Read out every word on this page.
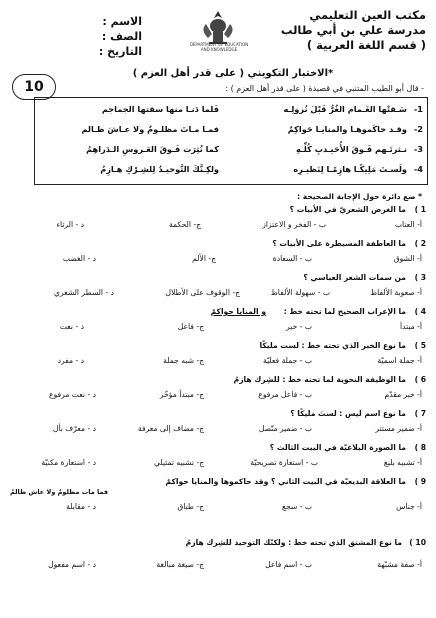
مكتب العين التعليمي
مدرسة علي بن أبي طالب
( قسم اللغة العربية )
DEPARTMENT OF EDUCATION AND KNOWLEDGE
الاسم :
الصف :
التاريخ :
10
*الاختبار التكويني ( على قدر أهل العزم )
- قال أبو الطيب المتنبي في قصيدة ( على قدر أهل العزم ) :
1-
سَـقتْها الغَـمام الغُرُّ قَبْلَ نُزولِـه
فَلما دَنـا منها سقتها الجماجم
2-
وقـد حاكَموهـا والمنايـا حَواكِمٌ
فمـا مـاتَ مظلـومٌ ولا عـاشَ ظـالم
3-
نـثرتَـهم فَـوقَ الأُحَيـدبِ كُلِّـهِ
كما نُثِرَت فَـوقَ العَـروسِ الـدَراهِمُ
4-
ولَسـتَ مَلِيكًـا هازِمًـا لِنَظيـرِه
ولكِـنَّكَ التَّوحيـدُ لِلشِـرْكِ هـازِمُ
* ضع دائرة حول الإجابة الصحيحة :
1 )
ما الغرض الشعريّ في الأبيات ؟
أ- العتاب
ب - الفخر و الاعتزاز
ج- الحكمة
د - الرثاء
2 )
ما العاطفة المسيطرة على الأبيات ؟
أ- الشوق
ب - السعادة
ج- الألم
د - الغضب
3 )
من سمات الشعر العباسي ؟
أ- صعوبة الألفاظ
ب - سهولة الألفاظ
ج- الوقوف على الأطلال
د - السطر الشعري
4 )
ما الإعراب الصحيح لما تحته خط :
و المنايا حواكمٌ
أ- مبتدأ
ب - خبر
ج- فاعل
د - نعت
5 )
ما نوع الخبر الذي تحته خط : لست مليكًا
أ- جملة اسميّة
ب - جملة فعليّة
ج- شبه جملة
د - مفرد
6 )
ما الوظيفة النحوية لما تحته خط : للشِرك هازمُ
أ- خبر مقدّم
ب - فاعل مرفوع
ج- مبتدأ مؤخّر
د - نعت مرفوع
7 )
ما نوع اسم ليس : لستَ مليكًا ؟
أ- ضمير مستتر
ب - ضمير متّصل
ج- مضاف إلى معرفة
د - معرّف بأل
8 )
ما الصورة البلاغيّة في البيت الثالث ؟
أ- تشبيه بليغ
ب - استعارة تصريحيّة
ج- تشبيه تمثيلي
د - استعارة مكنيّة
9 )
ما العلاقة البديعيّة في البيت الثاني ؟ وقد حاكموها والمنايا حواكمٌ
فما مات مظلومٌ ولا عاش ظالمُ
أ- جناس
ب - سجع
ج- طباق
د - مقابلة
10 )
ما نوع المشتق الذي تحته خط : ولكنّك التوحيد للشِرك هازمُ
أ- صفة مشبّهة
ب - اسم فاعل
ج- صيغة مبالغة
د - اسم مفعول
